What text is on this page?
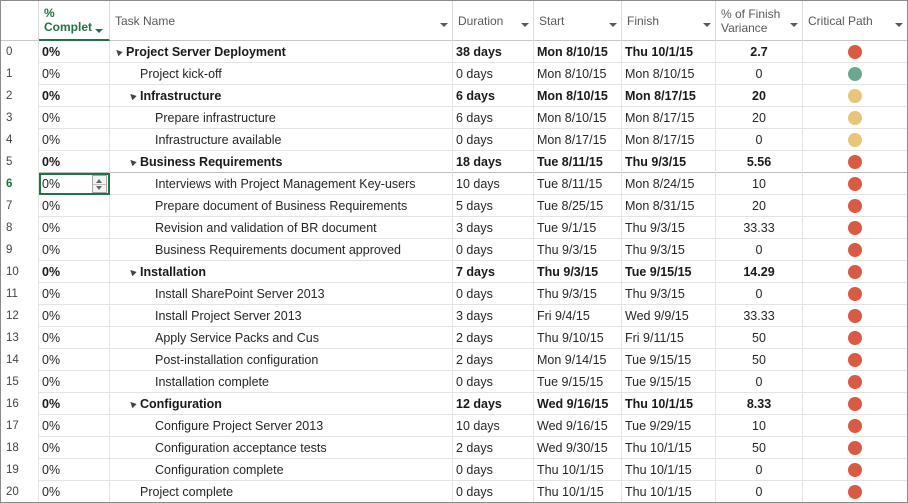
% Complet	Task Name	Duration	Start	Finish	% of Finish Variance	Critical Path
0 0%	Project Server Deployment	38 days	Mon 8/10/15 Thu 10/1/15	2.7
1 0%	Project kick-off	0 days	Mon 8/10/15 Mon 8/10/15	0
2 0%	Infrastructure	6 days	Mon 8/10/15 Mon 8/17/15	20
3 0%	Prepare infrastructure	6 days	Mon 8/10/15 Mon 8/17/15	20
4 0%	Infrastructure available	0 days	Mon 8/17/15 Mon 8/17/15	0
5 0%	Business Requirements	18 days	Tue 8/11/15 Thu 9/3/15	5.56
6 0%	Interviews with Project Management Key-users	10 days	Tue 8/11/15 Mon 8/24/15	10
7 0%	Prepare document of Business Requirements	5 days	Tue 8/25/15 Mon 8/31/15	20
8 0%	Revision and validation of BR document	3 days	Tue 9/1/15 Thu 9/3/15	33.33
9 0%	Business Requirements document approved	0 days	Thu 9/3/15 Thu 9/3/15	0
10 0%	Installation	7 days	Thu 9/3/15 Tue 9/15/15	14.29
11 0%	Install SharePoint Server 2013	0 days	Thu 9/3/15 Thu 9/3/15	0
12 0%	Install Project Server 2013	3 days	Fri 9/4/15	Wed 9/9/15	33.33
13 0%	Apply Service Packs and Cus	2 days	Thu 9/10/15 Fri 9/11/15	50
14 0%	Post-installation configuration	2 days	Mon 9/14/15 Tue 9/15/15	50
15 0%	Installation complete	0 days	Tue 9/15/15 Tue 9/15/15	0
16 0%	Configuration	12 days	Wed 9/16/15 Thu 10/1/15	8.33
17 0%	Configure Project Server 2013	10 days	Wed 9/16/15 Tue 9/29/15	10
18 0%	Configuration acceptance tests	2 days	Wed 9/30/15 Thu 10/1/15	50
19 0%	Configuration complete	0 days	Thu 10/1/15 Thu 10/1/15	0
20 0%	Project complete	0 days	Thu 10/1/15 Thu 10/1/15	0
